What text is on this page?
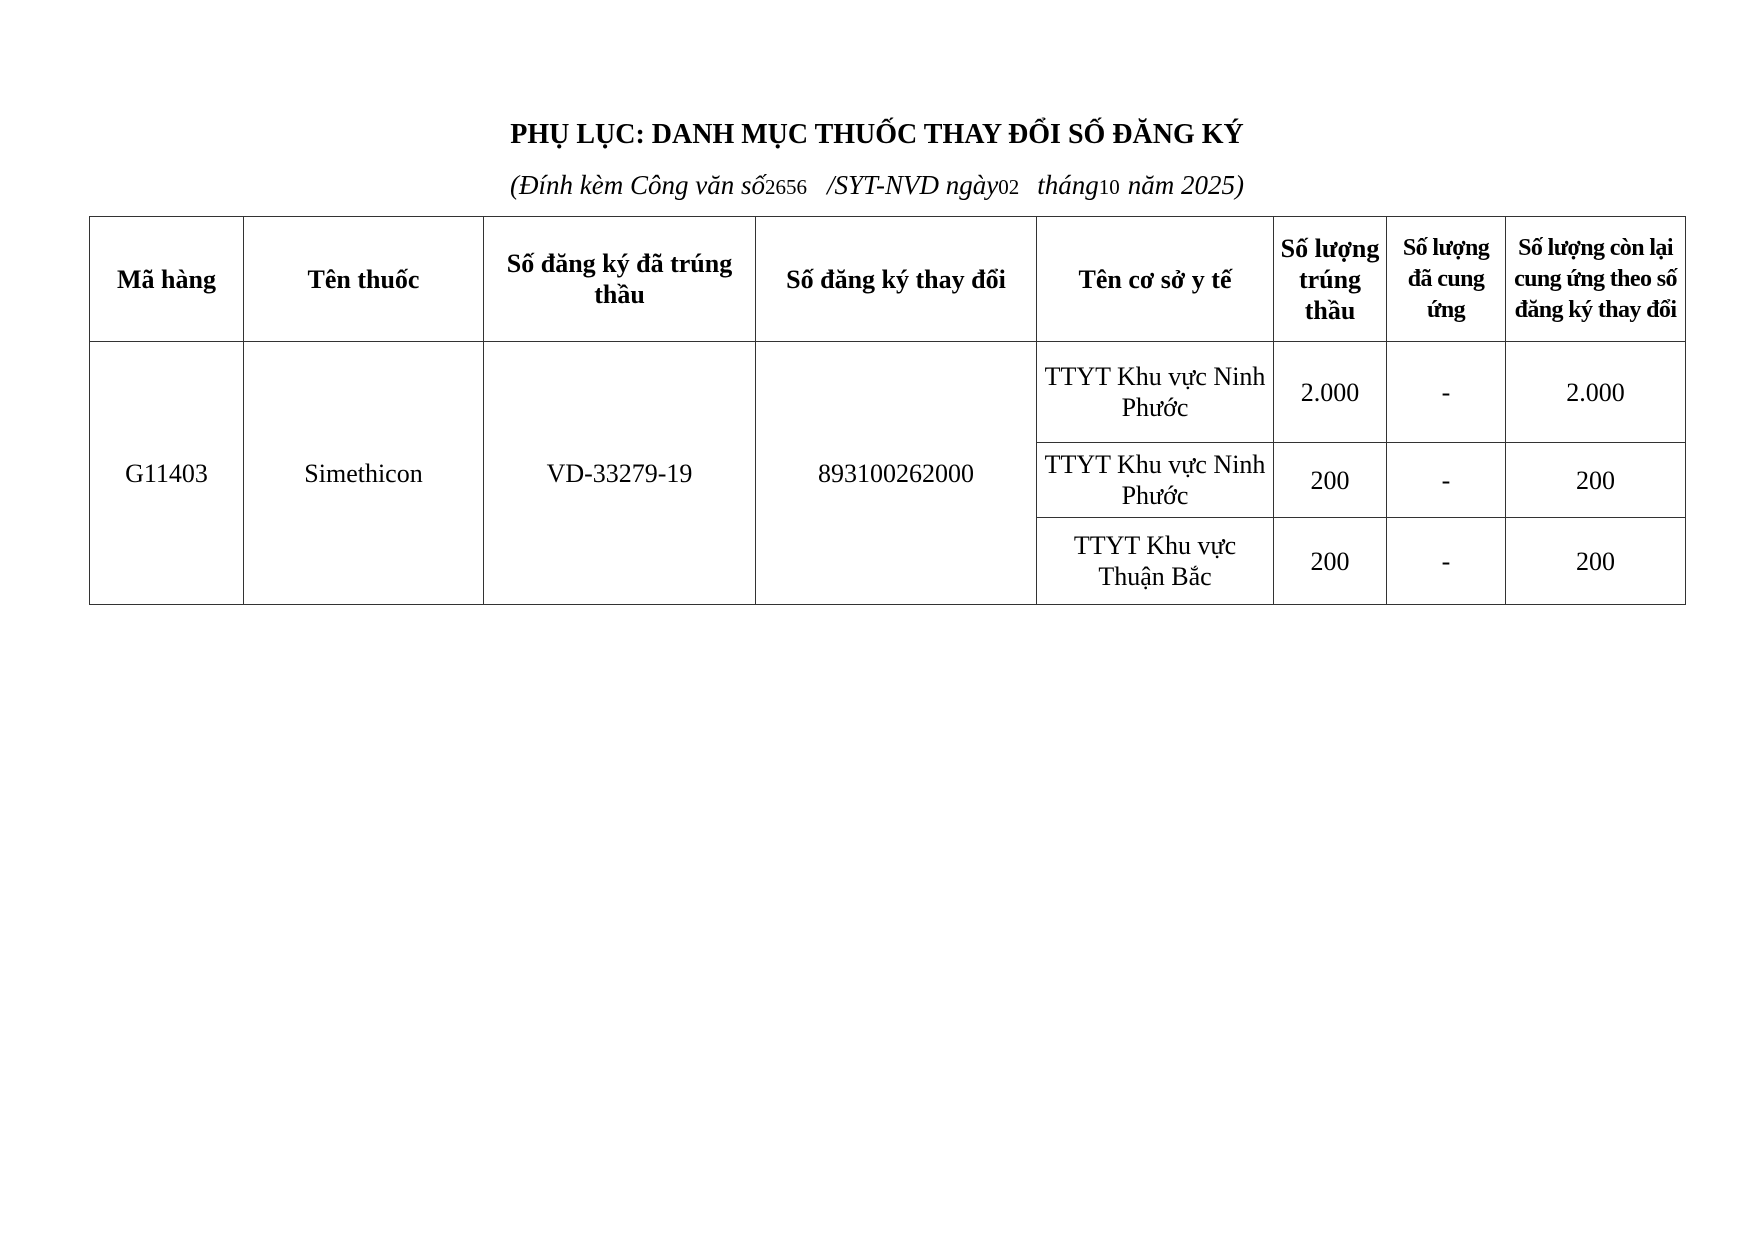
PHỤ LỤC: DANH MỤC THUỐC THAY ĐỔI SỐ ĐĂNG KÝ
(Đính kèm Công văn số2656 /SYT-NVD ngày02 tháng10 năm 2025)
Mã hàng	Tên thuốc	Số đăng ký đã trúng thầu	Số đăng ký thay đổi	Tên cơ sở y tế	Số lượng trúng thầu	Số lượng đã cung ứng	Số lượng còn lại cung ứng theo số đăng ký thay đổi
G11403	Simethicon	VD-33279-19	893100262000	TTYT Khu vực Ninh Phước	2.000	-	2.000
				TTYT Khu vực Ninh Phước	200	-	200
				TTYT Khu vực Thuận Bắc	200	-	200
